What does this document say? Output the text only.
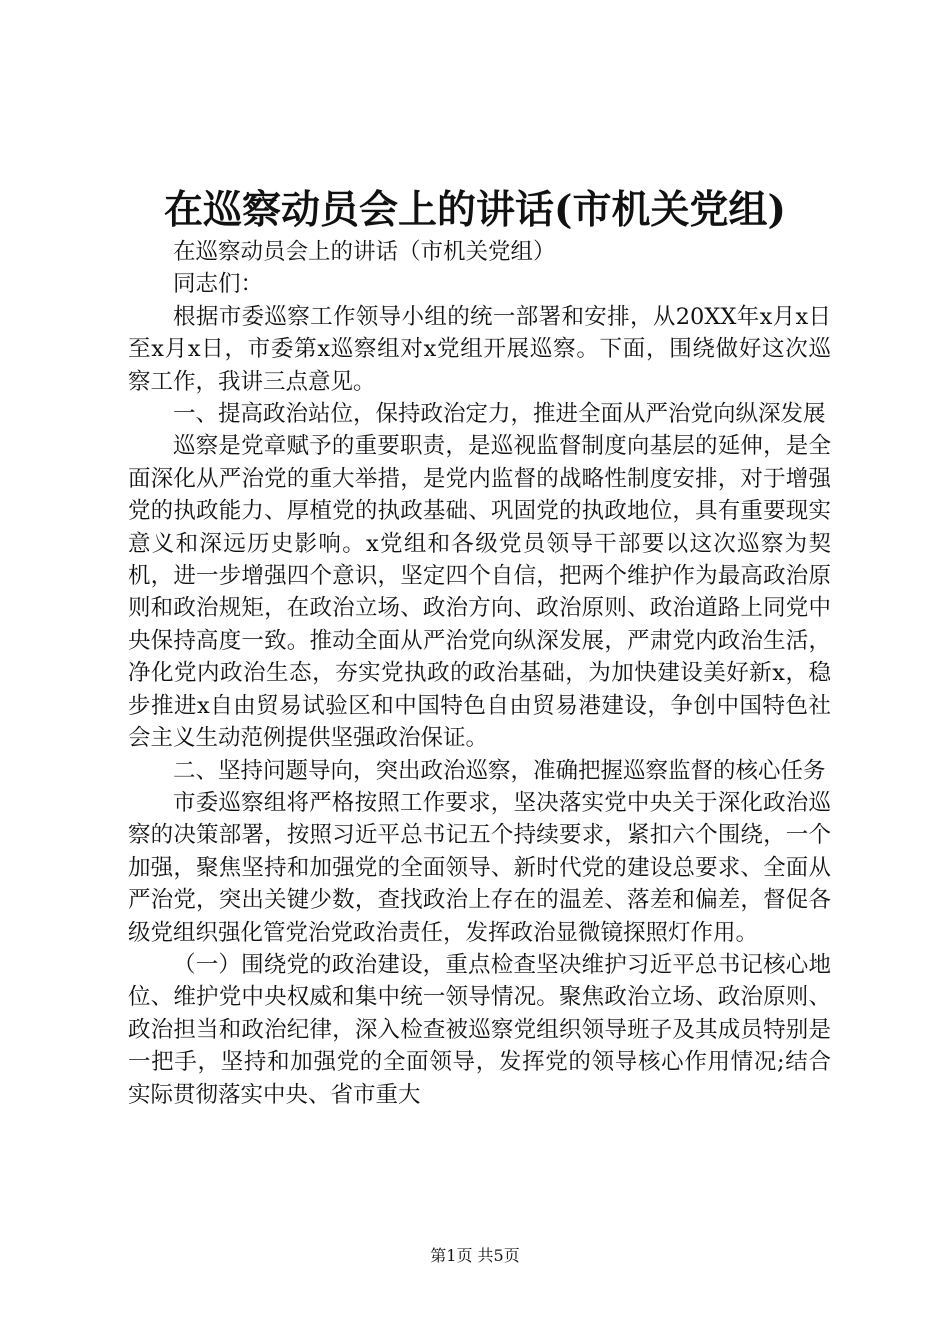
在巡察动员会上的讲话(市机关党组)

在巡察动员会上的讲话（市机关党组）

同志们：

根据市委巡察工作领导小组的统一部署和安排，从20XX年x月x日至x月x日，市委第x巡察组对x党组开展巡察。下面，围绕做好这次巡察工作，我讲三点意见。

一、提高政治站位，保持政治定力，推进全面从严治党向纵深发展

巡察是党章赋予的重要职责，是巡视监督制度向基层的延伸，是全面深化从严治党的重大举措，是党内监督的战略性制度安排，对于增强党的执政能力、厚植党的执政基础、巩固党的执政地位，具有重要现实意义和深远历史影响。x党组和各级党员领导干部要以这次巡察为契机，进一步增强四个意识，坚定四个自信，把两个维护作为最高政治原则和政治规矩，在政治立场、政治方向、政治原则、政治道路上同党中央保持高度一致。推动全面从严治党向纵深发展，严肃党内政治生活，净化党内政治生态，夯实党执政的政治基础，为加快建设美好新x，稳步推进x自由贸易试验区和中国特色自由贸易港建设，争创中国特色社会主义生动范例提供坚强政治保证。

二、坚持问题导向，突出政治巡察，准确把握巡察监督的核心任务

市委巡察组将严格按照工作要求，坚决落实党中央关于深化政治巡察的决策部署，按照习近平总书记五个持续要求，紧扣六个围绕，一个加强，聚焦坚持和加强党的全面领导、新时代党的建设总要求、全面从严治党，突出关键少数，查找政治上存在的温差、落差和偏差，督促各级党组织强化管党治党政治责任，发挥政治显微镜探照灯作用。

（一）围绕党的政治建设，重点检查坚决维护习近平总书记核心地位、维护党中央权威和集中统一领导情况。聚焦政治立场、政治原则、政治担当和政治纪律，深入检查被巡察党组织领导班子及其成员特别是一把手，坚持和加强党的全面领导，发挥党的领导核心作用情况;结合实际贯彻落实中央、省市重大

第1页 共5页
